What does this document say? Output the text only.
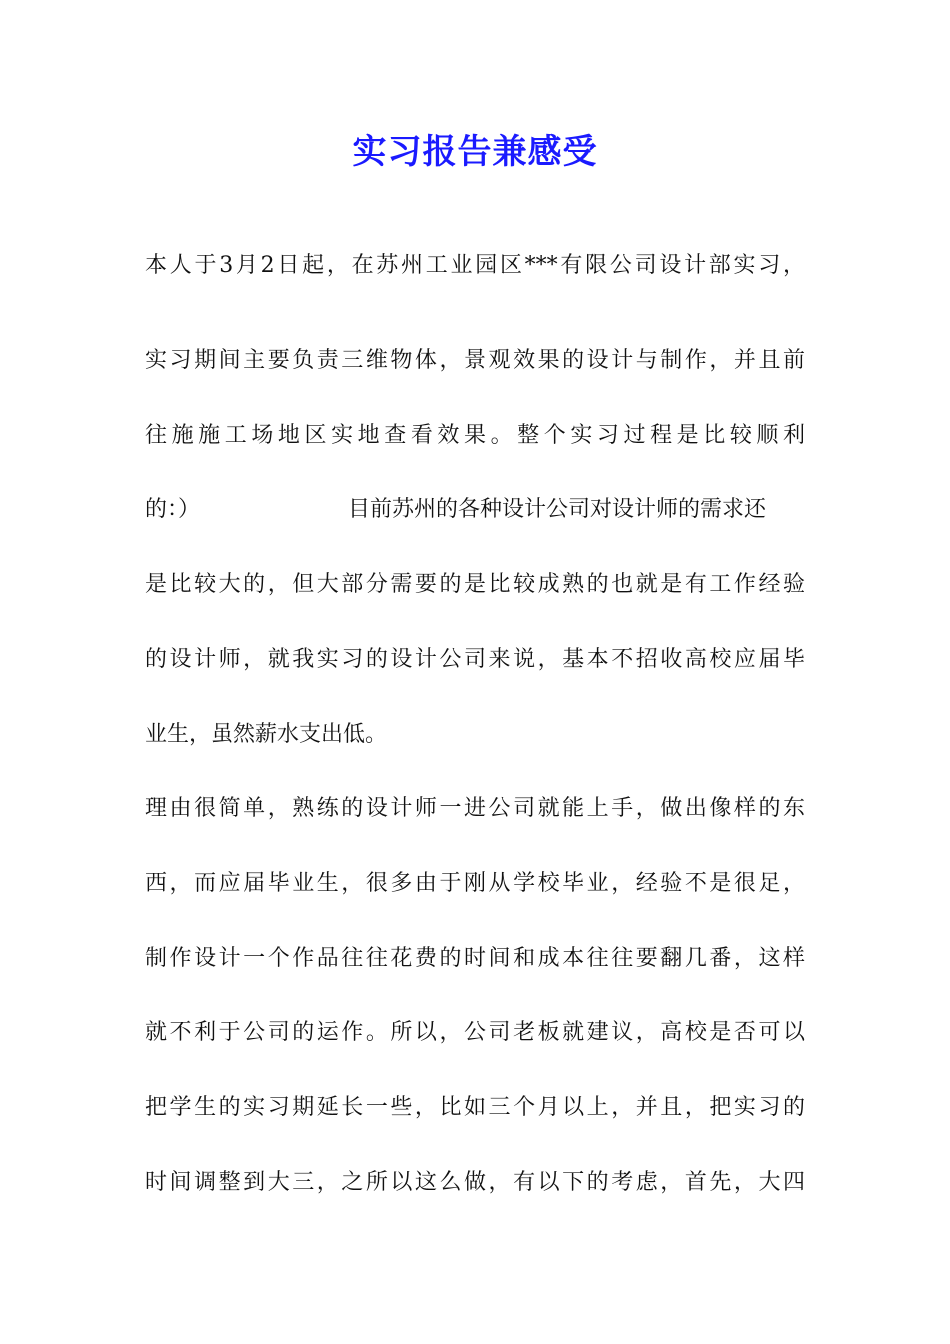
实习报告兼感受
本人于3月2日起，在苏州工业园区***有限公司设计部实习，
实习期间主要负责三维物体，景观效果的设计与制作，并且前
往施施工场地区实地查看效果。整个实习过程是比较顺利
的：）	目前苏州的各种设计公司对设计师的需求还
是比较大的，但大部分需要的是比较成熟的也就是有工作经验
的设计师，就我实习的设计公司来说，基本不招收高校应届毕
业生，虽然薪水支出低。
理由很简单，熟练的设计师一进公司就能上手，做出像样的东
西，而应届毕业生，很多由于刚从学校毕业，经验不是很足，
制作设计一个作品往往花费的时间和成本往往要翻几番，这样
就不利于公司的运作。所以，公司老板就建议，高校是否可以
把学生的实习期延长一些，比如三个月以上，并且，把实习的
时间调整到大三，之所以这么做，有以下的考虑，首先，大四
